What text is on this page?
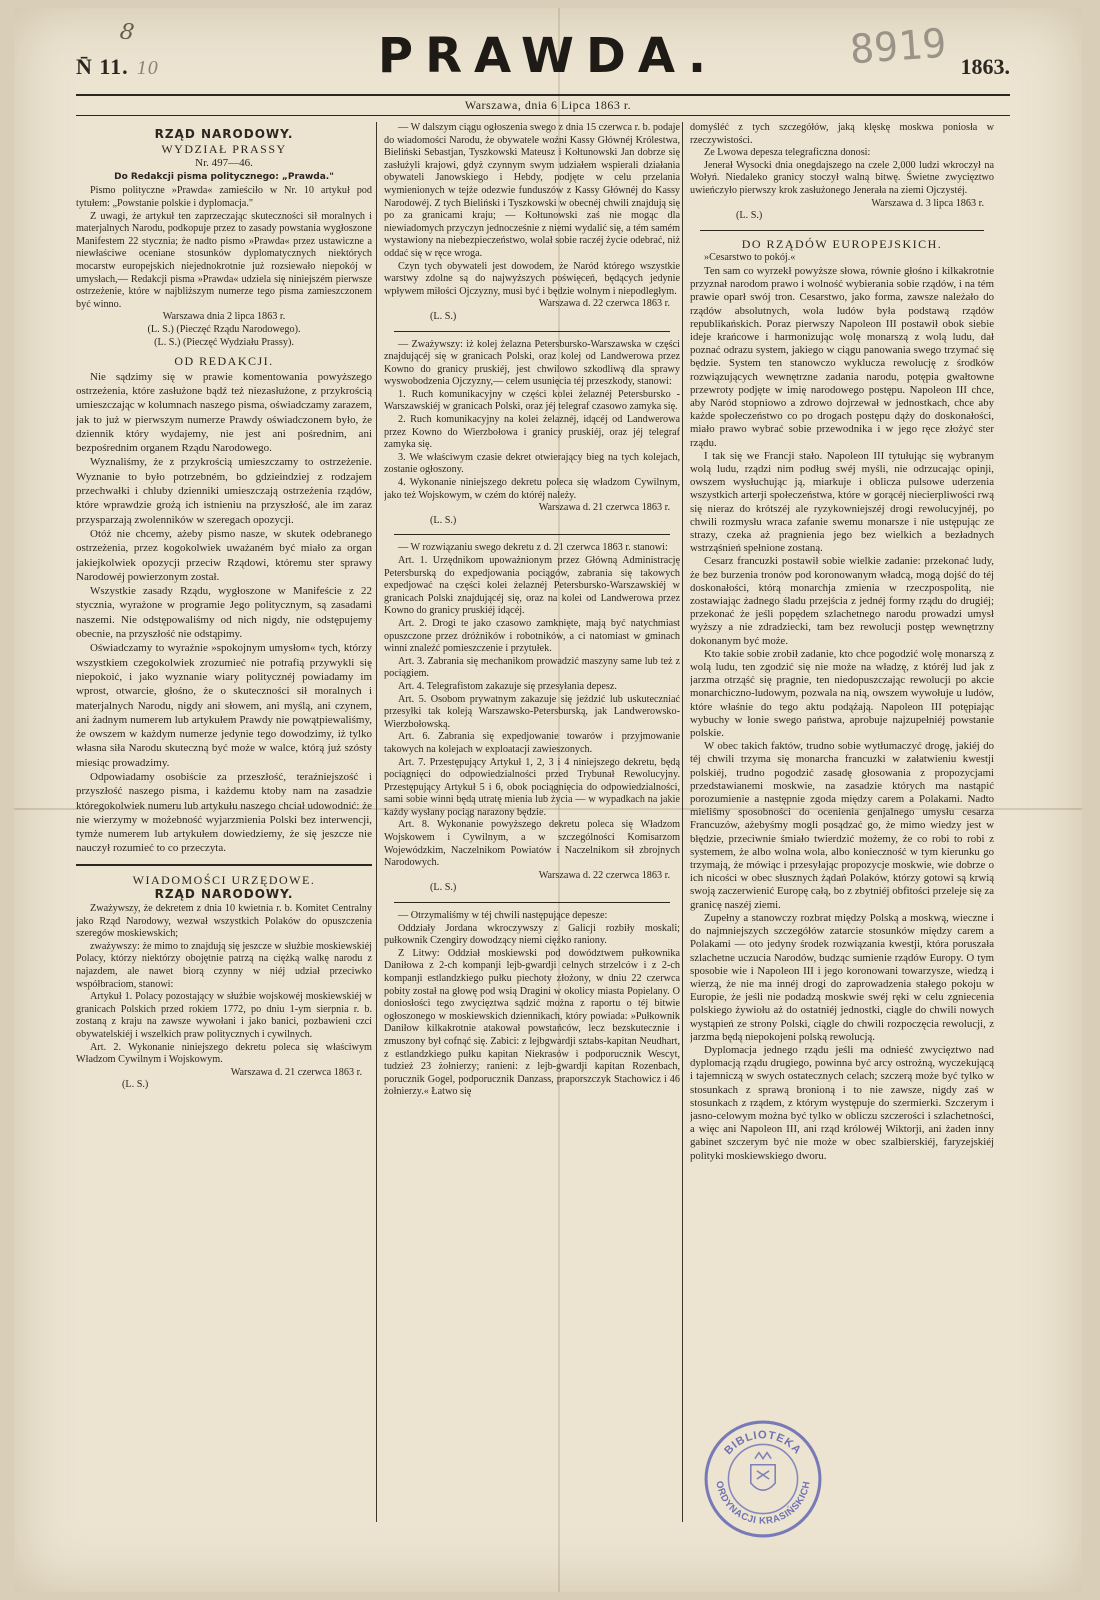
8
N̄ 11. 10	PRAWDA.	8919 1863.
Warszawa, dnia 6 Lipca 1863 r.
RZĄD NARODOWY.
WYDZIAŁ PRASSY
Nr. 497—46.
Do Redakcji pisma politycznego: „Prawda."

Pismo polityczne »Prawda« zamieściło w Nr. 10 artykuł pod tytułem: „Powstanie polskie i dyplomacja."

Z uwagi, że artykuł ten zaprzeczając skuteczności sił moralnych i materjalnych Narodu, podkopuje przez to zasady powstania wygłoszone Manifestem 22 stycznia; że nadto pismo »Prawda« przez ustawiczne a niewłaściwe oceniane stosunków dyplomatycznych niektórych mocarstw europejskich niejednokrotnie już rozsiewało niepokój w umysłach,— Redakcji pisma »Prawda« udziela się niniejszém pierwsze ostrzeżenie, które w najbliższym numerze tego pisma zamieszczonem być winno.

Warszawa dnia 2 lipca 1863 r.

(L. S.) (Pieczęć Rządu Narodowego).

(L. S.) (Pieczęć Wydziału Prassy).

OD REDAKCJI.

Nie sądzimy się w prawie komentowania powyższego ostrzeżenia, które zasłużone bądź też niezasłużone, z przykrością umieszczając w kolumnach naszego pisma, oświadczamy zarazem, jak to już w pierwszym numerze Prawdy oświadczonem było, że dziennik który wydajemy, nie jest ani pośrednim, ani bezpośrednim organem Rządu Narodowego.

Wyznaliśmy, że z przykrością umieszczamy to ostrzeżenie. Wyznanie to było potrzebném, bo gdzieindziej z rodzajem przechwałki i chluby dzienniki umieszczają ostrzeżenia rządów, które wprawdzie grożą ich istnieniu na przyszłość, ale im zaraz przysparzają zwolenników w szeregach opozycji.

Otóż nie chcemy, ażeby pismo nasze, w skutek odebranego ostrzeżenia, przez kogokolwiek uważaném być miało za organ jakiejkolwiek opozycji przeciw Rządowi, któremu ster sprawy Narodowéj powierzonym został.

Wszystkie zasady Rządu, wygłoszone w Manifeście z 22 stycznia, wyrażone w programie Jego politycznym, są zasadami naszemi. Nie odstępowaliśmy od nich nigdy, nie odstępujemy obecnie, na przyszłość nie odstąpimy.

Oświadczamy to wyraźnie »spokojnym umysłom« tych, którzy wszystkiem czegokolwiek zrozumieć nie potrafią przywykli się niepokoić, i jako wyznanie wiary politycznéj powiadamy im wprost, otwarcie, głośno, że o skuteczności sił moralnych i materjalnych Narodu, nigdy ani słowem, ani myślą, ani czynem, ani żadnym numerem lub artykułem Prawdy nie powątpiewaliśmy, że owszem w każdym numerze jedynie tego dowodzimy, iż tylko własna siła Narodu skuteczną być może w walce, którą już szósty miesiąc prowadzimy.

Odpowiadamy osobiście za przeszłość, teraźniejszość i przyszłość naszego pisma, i każdemu ktoby nam na zasadzie któregokolwiek numeru lub artykułu naszego chciał udowodnić: że nie wierzymy w możebność wyjarzmienia Polski bez interwencji, tymże numerem lub artykułem dowiedziemy, że się jeszcze nie nauczył rozumieć to co przeczyta.

WIADOMOŚCI URZĘDOWE.
RZĄD NARODOWY.

Zważywszy, że dekretem z dnia 10 kwietnia r. b. Komitet Centralny jako Rząd Narodowy, wezwał wszystkich Polaków do opuszczenia szeregów moskiewskich;

zważywszy: że mimo to znajdują się jeszcze w służbie moskiewskiéj Polacy, którzy niektórzy obojętnie patrzą na ciężką walkę narodu z najazdem, ale nawet biorą czynny w niéj udział przeciwko współbraciom, stanowi:

Artykuł 1. Polacy pozostający w służbie wojskowéj moskiewskiéj w granicach Polskich przed rokiem 1772, po dniu 1-ym sierpnia r. b. zostaną z kraju na zawsze wywołani i jako banici, pozbawieni czci obywatelskiéj i wszelkich praw politycznych i cywilnych.

Art. 2. Wykonanie niniejszego dekretu poleca się właściwym Władzom Cywilnym i Wojskowym.

Warszawa d. 21 czerwca 1863 r.

(L. S.)

— W dalszym ciągu ogłoszenia swego z dnia 15 czerwca r. b. podaje do wiadomości Narodu, że obywatele woźni Kassy Głównéj Królestwa, Bieliński Sebastjan, Tyszkowski Mateusz i Kołtunowski Jan dobrze się zasłużyli krajowi, gdyż czynnym swym udziałem wspierali działania obywateli Janowskiego i Hebdy, podjęte w celu przelania wymienionych w tejże odezwie funduszów z Kassy Głównéj do Kassy Narodowéj. Z tych Bieliński i Tyszkowski w obecnéj chwili znajdują się po za granicami kraju; — Kołtunowski zaś nie mogąc dla niewiadomych przyczyn jednocześnie z niemi wydalić się, a tém samém wystawiony na niebezpieczeństwo, wolał sobie raczéj życie odebrać, niż oddać się w ręce wroga.

Czyn tych obywateli jest dowodem, że Naród którego wszystkie warstwy zdolne są do najwyższych poświęceń, będących jedynie wpływem miłości Ojczyzny, musi być i będzie wolnym i niepodległym.

Warszawa d. 22 czerwca 1863 r.

(L. S.)

— Zważywszy: iż kolej żelazna Petersbursko-Warszawska w części znajdującéj się w granicach Polski, oraz kolej od Landwerowa przez Kowno do granicy pruskiéj, jest chwilowo szkodliwą dla sprawy wyswobodzenia Ojczyzny,— celem usunięcia téj przeszkody, stanowi:

1. Ruch komunikacyjny w części kolei żelaznéj Petersbursko - Warszawskiéj w granicach Polski, oraz jéj telegraf czasowo zamyka się.

2. Ruch komunikacyjny na kolei żelaznéj, idącéj od Landwerowa przez Kowno do Wierzbołowa i granicy pruskiéj, oraz jéj telegraf zamyka się.

3. We właściwym czasie dekret otwierający bieg na tych kolejach, zostanie ogłoszony.

4. Wykonanie niniejszego dekretu poleca się władzom Cywilnym, jako też Wojskowym, w czém do któréj należy.

Warszawa d. 21 czerwca 1863 r.

(L. S.)

— W rozwiązaniu swego dekretu z d. 21 czerwca 1863 r. stanowi:

Art. 1. Urzędnikom upoważnionym przez Główną Administrację Petersburską do expedjowania pociągów, zabrania się takowych expedjować na części kolei żelaznéj Petersbursko-Warszawskiéj w granicach Polski znajdującéj się, oraz na kolei od Landwerowa przez Kowno do granicy pruskiéj idącéj.

Art. 2. Drogi te jako czasowo zamknięte, mają być natychmiast opuszczone przez dróżników i robotników, a ci natomiast w gminach winni znaleźć pomieszczenie i przytułek.

Art. 3. Zabrania się mechanikom prowadzić maszyny same lub też z pociągiem.

Art. 4. Telegrafistom zakazuje się przesyłania depesz.

Art. 5. Osobom prywatnym zakazuje się jeździć lub uskuteczniać przesyłki tak koleją Warszawsko-Petersburską, jak Landwerowsko-Wierzbołowską.

Art. 6. Zabrania się expedjowanie towarów i przyjmowanie takowych na kolejach w exploatacji zawieszonych.

Art. 7. Przestępujący Artykuł 1, 2, 3 i 4 niniejszego dekretu, będą pociągnięci do odpowiedzialności przed Trybunał Rewolucyjny. Przestępujący Artykuł 5 i 6, obok pociągnięcia do odpowiedzialności, sami sobie winni będą utratę mienia lub życia — w wypadkach na jakie każdy wysłany pociąg narazony będzie.

Art. 8. Wykonanie powyższego dekretu poleca się Władzom Wojskowem i Cywilnym, a w szczególności Komisarzom Wojewódzkim, Naczelnikom Powiatów i Naczelnikom sił zbrojnych Narodowych.

Warszawa d. 22 czerwca 1863 r.

(L. S.)

— Otrzymaliśmy w téj chwili następujące depesze:

Oddziały Jordana wkroczywszy z Galicji rozbiły moskali; pułkownik Czengiry dowodzący niemi ciężko raniony.

Z Litwy: Oddział moskiewski pod dowództwem pułkownika Daniłowa z 2-ch kompanji lejb-gwardji celnych strzelców i z 2-ch kompanji estlandzkiego pułku piechoty złożony, w dniu 22 czerwca pobity został na głowę pod wsią Dragini w okolicy miasta Popielany. O doniosłości tego zwycięztwa sądzić można z raportu o téj bitwie ogłoszonego w moskiewskich dziennikach, który powiada: »Pułkownik Daniłow kilkakrotnie atakował powstańców, lecz bezskutecznie i zmuszony był cofnąć się. Zabici: z lejbgwardji sztabs-kapitan Neudhart, z estlandzkiego pułku kapitan Niekrasów i podporucznik Wescyt, tudzież 23 żołnierzy; ranieni: z lejb-gwardji kapitan Rozenbach, porucznik Gogel, podporucznik Danzass, praporszczyk Stachowicz i 46 żołnierzy.« Łatwo się

domyśléć z tych szczegółów, jaką klęskę moskwa poniosła w rzeczywistości.

Ze Lwowa depesza telegraficzna donosi:

Jenerał Wysocki dnia onegdajszego na czele 2,000 ludzi wkroczył na Wołyń. Niedaleko granicy stoczył walną bitwę. Świetne zwycięztwo uwieńczyło pierwszy krok zasłużonego Jenerała na ziemi Ojczystéj.

Warszawa d. 3 lipca 1863 r.

(L. S.)

DO RZĄDÓW EUROPEJSKICH.

»Cesarstwo to pokój.«

Ten sam co wyrzekł powyższe słowa, równie głośno i kilkakrotnie przyznał narodom prawo i wolność wybierania sobie rządów, i na tém prawie oparł swój tron. Cesarstwo, jako forma, zawsze należało do rządów absolutnych, wola ludów była podstawą rządów republikańskich. Poraz pierwszy Napoleon III postawił obok siebie ideje krańcowe i harmonizując wolę monarszą z wolą ludu, dał poznać odrazu system, jakiego w ciągu panowania swego trzymać się będzie. System ten stanowczo wyklucza rewolucję z środków rozwiązujących wewnętrzne zadania narodu, potępia gwałtowne przewroty podjęte w imię narodowego postępu. Napoleon III chce, aby Naród stopniowo a zdrowo dojrzewał w jednostkach, chce aby każde społeczeństwo co po drogach postępu dąży do doskonałości, miało prawo wybrać sobie przewodnika i w jego ręce złożyć ster rządu.

I tak się we Francji stało. Napoleon III tytułując się wybranym wolą ludu, rządzi nim podług swéj myśli, nie odrzucając opinji, owszem wysłuchując ją, miarkuje i oblicza pulsowe uderzenia wszystkich arterji społeczeństwa, które w gorącéj niecierpliwości rwą się nieraz do krótszéj ale ryzykowniejszéj drogi rewolucyjnéj, po chwili rozmysłu wraca zafanie swemu monarsze i nie ustępując ze strazy, czeka aż pragnienia jego bez wielkich a bezładnych wstrząśnień spełnione zostaną.

Cesarz francuzki postawił sobie wielkie zadanie: przekonać ludy, że bez burzenia tronów pod koronowanym władcą, mogą dojść do téj doskonałości, którą monarchja zmienia w rzeczpospolitą, nie zostawiając żadnego śladu przejścia z jednéj formy rządu do drugiéj; przekonać że jeśli popędem szlachetnego narodu prowadzi umysł wyższy a nie zdradziecki, tam bez rewolucji postęp wewnętrzny dokonanym być może.

Kto takie sobie zrobił zadanie, kto chce pogodzić wolę monarszą z wolą ludu, ten zgodzić się nie może na władzę, z któréj lud jak z jarzma otrząść się pragnie, ten niedopuszczając rewolucji po akcie monarchiczno-ludowym, pozwala na nią, owszem wywołuje u ludów, które właśnie do tego aktu podążają. Napoleon III potępiając wybuchy w łonie swego państwa, aprobuje najzupełniéj powstanie polskie.

W obec takich faktów, trudno sobie wytłumaczyć drogę, jakiéj do téj chwili trzyma się monarcha francuzki w załatwieniu kwestji polskiéj, trudno pogodzić zasadę głosowania z propozycjami przedstawianemi moskwie, na zasadzie których ma nastąpić porozumienie a następnie zgoda między carem a Polakami. Nadto mieliśmy sposobności do ocenienia genjalnego umysłu cesarza Francuzów, ażebyśmy mogli posądzać go, że mimo wiedzy jest w błędzie, przeciwnie śmiało twierdzić możemy, że co robi to robi z systemem, że albo wolna wola, albo konieczność w tym kierunku go trzymają, że mówiąc i przesyłając propozycje moskwie, wie dobrze o ich nicości w obec słusznych żądań Polaków, którzy gotowi są krwią swoją zaczerwienić Europę całą, bo z zbytniéj obfitości przeleje się za granicę naszéj ziemi.

Zupełny a stanowczy rozbrat między Polską a moskwą, wieczne i do najmniejszych szczegółów zatarcie stosunków między carem a Polakami — oto jedyny środek rozwiązania kwestji, która poruszała szlachetne uczucia Narodów, budząc sumienie rządów Europy. O tym sposobie wie i Napoleon III i jego koronowani towarzysze, wiedzą i wierzą, że nie ma innéj drogi do zaprowadzenia stałego pokoju w Europie, że jeśli nie podadzą moskwie swéj ręki w celu zgniecenia polskiego żywiołu aż do ostatniéj jednostki, ciągle do chwili nowych wystąpień ze strony Polski, ciągle do chwili rozpoczęcia rewolucji, z jarzma będą niepokojeni polską rewolucją.

Dyplomacja jednego rządu jeśli ma odnieść zwycięztwo nad dyplomacją rządu drugiego, powinna być arcy ostrożną, wyczekującą i tajemniczą w swych ostatecznych celach; szczerą może być tylko w stosunkach z sprawą bronioną i to nie zawsze, nigdy zaś w stosunkach z rządem, z którym występuje do szermierki. Szczerym i jasno-celowym można być tylko w obliczu szczerości i szlachetności, a więc ani Napoleon III, ani rząd królowéj Wiktorji, ani żaden inny gabinet szczerym być nie może w obec szalbierskiéj, faryzejskiéj polityki moskiewskiego dworu.

BIBLIOTEKA
ORDYNACJI KRASIŃSKICH
